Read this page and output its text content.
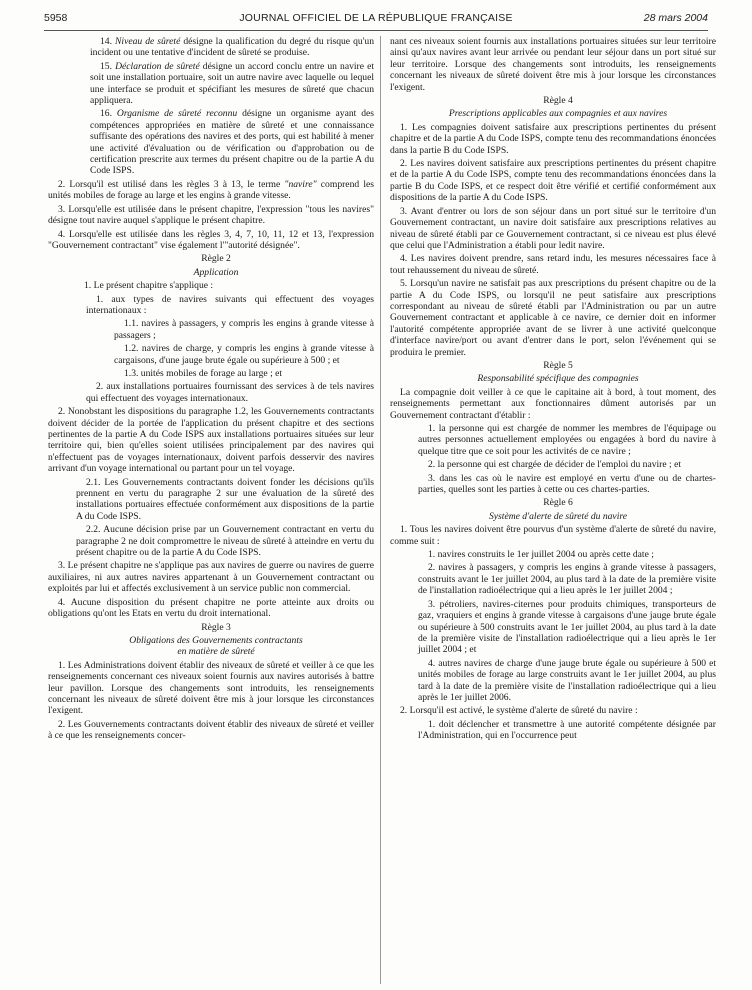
5958	JOURNAL OFFICIEL DE LA RÉPUBLIQUE FRANÇAISE	28 mars 2004

14. Niveau de sûreté désigne la qualification du degré du risque qu'un incident ou une tentative d'incident de sûreté se produise.

15. Déclaration de sûreté désigne un accord conclu entre un navire et soit une installation portuaire, soit un autre navire avec laquelle ou lequel une interface se produit et spécifiant les mesures de sûreté que chacun appliquera.

16. Organisme de sûreté reconnu désigne un organisme ayant des compétences appropriées en matière de sûreté et une connaissance suffisante des opérations des navires et des ports, qui est habilité à mener une activité d'évaluation ou de vérification ou d'approbation ou de certification prescrite aux termes du présent chapitre ou de la partie A du Code ISPS.

2. Lorsqu'il est utilisé dans les règles 3 à 13, le terme "navire" comprend les unités mobiles de forage au large et les engins à grande vitesse.

3. Lorsqu'elle est utilisée dans le présent chapitre, l'expression "tous les navires" désigne tout navire auquel s'applique le présent chapitre.

4. Lorsqu'elle est utilisée dans les règles 3, 4, 7, 10, 11, 12 et 13, l'expression "Gouvernement contractant" vise également l'"autorité désignée".

Règle 2

Application

1. Le présent chapitre s'applique :

1. aux types de navires suivants qui effectuent des voyages internationaux :

1.1. navires à passagers, y compris les engins à grande vitesse à passagers ;

1.2. navires de charge, y compris les engins à grande vitesse à cargaisons, d'une jauge brute égale ou supérieure à 500 ; et

1.3. unités mobiles de forage au large ; et

2. aux installations portuaires fournissant des services à de tels navires qui effectuent des voyages internationaux.

2. Nonobstant les dispositions du paragraphe 1.2, les Gouvernements contractants doivent décider de la portée de l'application du présent chapitre et des sections pertinentes de la partie A du Code ISPS aux installations portuaires situées sur leur territoire qui, bien qu'elles soient utilisées principalement par des navires qui n'effectuent pas de voyages internationaux, doivent parfois desservir des navires arrivant d'un voyage international ou partant pour un tel voyage.

2.1. Les Gouvernements contractants doivent fonder les décisions qu'ils prennent en vertu du paragraphe 2 sur une évaluation de la sûreté des installations portuaires effectuée conformément aux dispositions de la partie A du Code ISPS.

2.2. Aucune décision prise par un Gouvernement contractant en vertu du paragraphe 2 ne doit compromettre le niveau de sûreté à atteindre en vertu du présent chapitre ou de la partie A du Code ISPS.

3. Le présent chapitre ne s'applique pas aux navires de guerre ou navires de guerre auxiliaires, ni aux autres navires appartenant à un Gouvernement contractant ou exploités par lui et affectés exclusivement à un service public non commercial.

4. Aucune disposition du présent chapitre ne porte atteinte aux droits ou obligations qu'ont les Etats en vertu du droit international.

Règle 3

Obligations des Gouvernements contractants

en matière de sûreté

1. Les Administrations doivent établir des niveaux de sûreté et veiller à ce que les renseignements concernant ces niveaux soient fournis aux navires autorisés à battre leur pavillon. Lorsque des changements sont introduits, les renseignements concernant les niveaux de sûreté doivent être mis à jour lorsque les circonstances l'exigent.

2. Les Gouvernements contractants doivent établir des niveaux de sûreté et veiller à ce que les renseignements concer-

nant ces niveaux soient fournis aux installations portuaires situées sur leur territoire ainsi qu'aux navires avant leur arrivée ou pendant leur séjour dans un port situé sur leur territoire. Lorsque des changements sont introduits, les renseignements concernant les niveaux de sûreté doivent être mis à jour lorsque les circonstances l'exigent.

Règle 4

Prescriptions applicables aux compagnies et aux navires

1. Les compagnies doivent satisfaire aux prescriptions pertinentes du présent chapitre et de la partie A du Code ISPS, compte tenu des recommandations énoncées dans la partie B du Code ISPS.

2. Les navires doivent satisfaire aux prescriptions pertinentes du présent chapitre et de la partie A du Code ISPS, compte tenu des recommandations énoncées dans la partie B du Code ISPS, et ce respect doit être vérifié et certifié conformément aux dispositions de la partie A du Code ISPS.

3. Avant d'entrer ou lors de son séjour dans un port situé sur le territoire d'un Gouvernement contractant, un navire doit satisfaire aux prescriptions relatives au niveau de sûreté établi par ce Gouvernement contractant, si ce niveau est plus élevé que celui que l'Administration a établi pour ledit navire.

4. Les navires doivent prendre, sans retard indu, les mesures nécessaires face à tout rehaussement du niveau de sûreté.

5. Lorsqu'un navire ne satisfait pas aux prescriptions du présent chapitre ou de la partie A du Code ISPS, ou lorsqu'il ne peut satisfaire aux prescriptions correspondant au niveau de sûreté établi par l'Administration ou par un autre Gouvernement contractant et applicable à ce navire, ce dernier doit en informer l'autorité compétente appropriée avant de se livrer à une activité quelconque d'interface navire/port ou avant d'entrer dans le port, selon l'événement qui se produira le premier.

Règle 5

Responsabilité spécifique des compagnies

La compagnie doit veiller à ce que le capitaine ait à bord, à tout moment, des renseignements permettant aux fonctionnaires dûment autorisés par un Gouvernement contractant d'établir :

1. la personne qui est chargée de nommer les membres de l'équipage ou autres personnes actuellement employées ou engagées à bord du navire à quelque titre que ce soit pour les activités de ce navire ;

2. la personne qui est chargée de décider de l'emploi du navire ; et

3. dans les cas où le navire est employé en vertu d'une ou de chartes-parties, quelles sont les parties à cette ou ces chartes-parties.

Règle 6

Système d'alerte de sûreté du navire

1. Tous les navires doivent être pourvus d'un système d'alerte de sûreté du navire, comme suit :

1. navires construits le 1er juillet 2004 ou après cette date ;

2. navires à passagers, y compris les engins à grande vitesse à passagers, construits avant le 1er juillet 2004, au plus tard à la date de la première visite de l'installation radioélectrique qui a lieu après le 1er juillet 2004 ;

3. pétroliers, navires-citernes pour produits chimiques, transporteurs de gaz, vraquiers et engins à grande vitesse à cargaisons d'une jauge brute égale ou supérieure à 500 construits avant le 1er juillet 2004, au plus tard à la date de la première visite de l'installation radioélectrique qui a lieu après le 1er juillet 2004 ; et

4. autres navires de charge d'une jauge brute égale ou supérieure à 500 et unités mobiles de forage au large construits avant le 1er juillet 2004, au plus tard à la date de la première visite de l'installation radioélectrique qui a lieu après le 1er juillet 2006.

2. Lorsqu'il est activé, le système d'alerte de sûreté du navire :

1. doit déclencher et transmettre à une autorité compétente désignée par l'Administration, qui en l'occurrence peut
